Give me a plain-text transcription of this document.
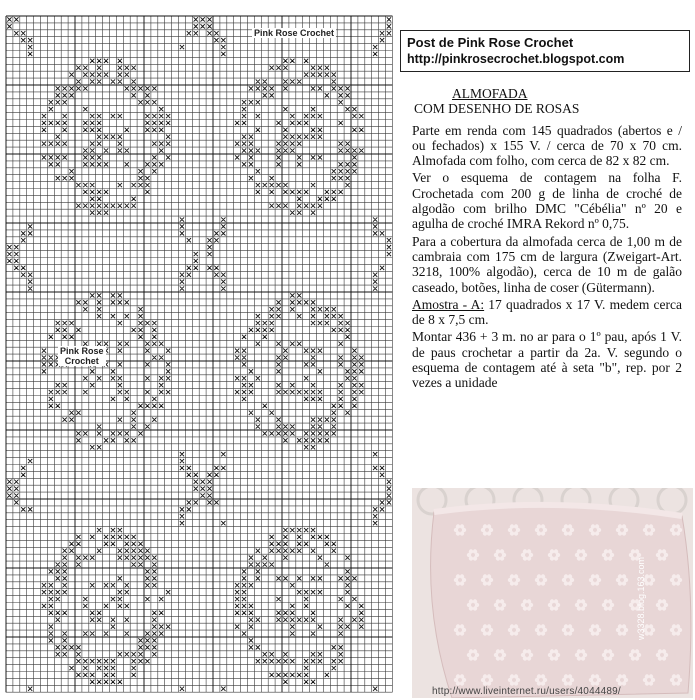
Pink Rose Crochet
Pink Rose
Crochet
Post de Pink Rose Crochet
http://pinkrosecrochet.blogspot.com
ALMOFADA
COM DESENHO DE ROSAS

Parte em renda com 145 quadrados (abertos e / ou fechados) x 155 V. / cerca de 70 x 70 cm. Almofada com folho, com cerca de 82 x 82 cm.

Ver o esquema de contagem na folha F. Crochetada com 200 g de linha de croché de algodão com brilho DMC "Cébélia" nº 20 e agulha de croché IMRA Rekord nº 0,75.

Para a cobertura da almofada cerca de 1,00 m de cambraia com 175 cm de largura (Zweigart-Art. 3218, 100% algodão), cerca de 10 m de galão caseado, botões, linha de coser (Gütermann).

Amostra - A: 17 quadrados x 17 V. medem cerca de 8 x 7,5 cm.

Montar 436 + 3 m. no ar para o 1º pau, após 1 V. de paus crochetar a partir da 2a. V. segundo o esquema de contagem até à seta "b", rep. por 2 vezes a unidade

w3328.blog.163.com
http://www.liveinternet.ru/users/4044489/
